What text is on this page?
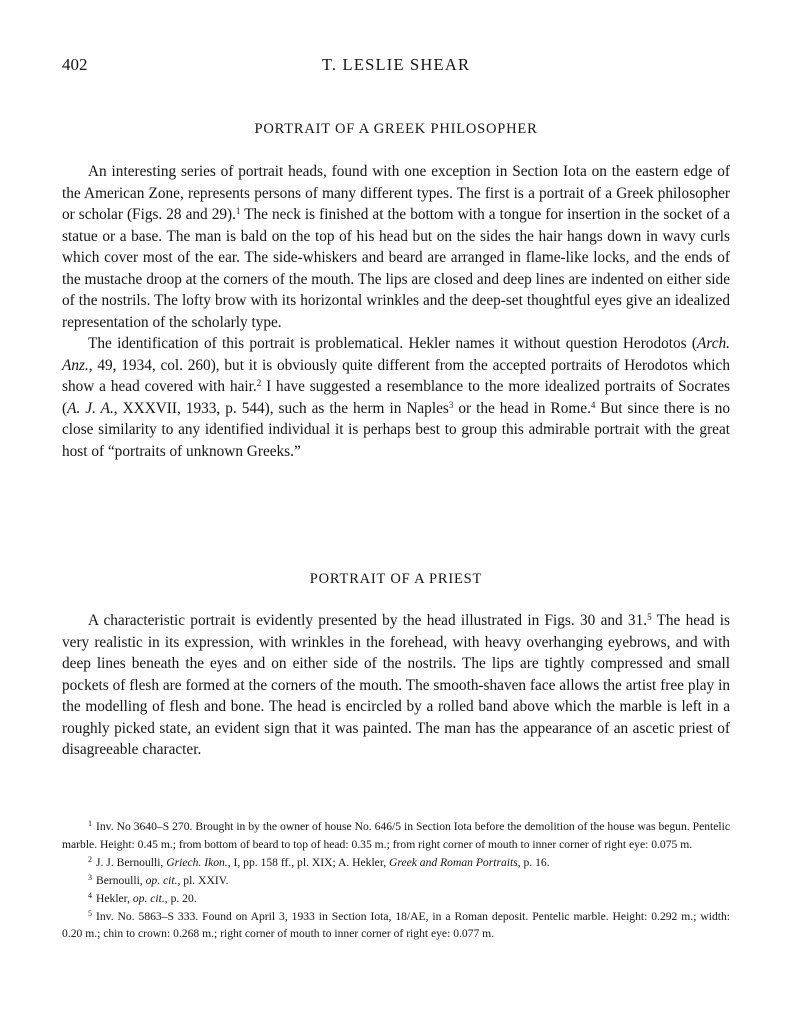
402	T. LESLIE SHEAR
PORTRAIT OF A GREEK PHILOSOPHER

An interesting series of portrait heads, found with one exception in Section Iota on the eastern edge of the American Zone, represents persons of many different types. The first is a portrait of a Greek philosopher or scholar (Figs. 28 and 29).$^1$ The neck is finished at the bottom with a tongue for insertion in the socket of a statue or a base. The man is bald on the top of his head but on the sides the hair hangs down in wavy curls which cover most of the ear. The side-whiskers and beard are arranged in flame-like locks, and the ends of the mustache droop at the corners of the mouth. The lips are closed and deep lines are indented on either side of the nostrils. The lofty brow with its horizontal wrinkles and the deep-set thoughtful eyes give an idealized representation of the scholarly type.

The identification of this portrait is problematical. Hekler names it without question Herodotos (Arch. Anz., 49, 1934, col. 260), but it is obviously quite different from the accepted portraits of Herodotos which show a head covered with hair.$^2$ I have suggested a resemblance to the more idealized portraits of Socrates (A. J. A., XXXVII, 1933, p. 544), such as the herm in Naples$^3$ or the head in Rome.$^4$ But since there is no close similarity to any identified individual it is perhaps best to group this admirable portrait with the great host of “portraits of unknown Greeks.”

PORTRAIT OF A PRIEST

A characteristic portrait is evidently presented by the head illustrated in Figs. 30 and 31.$^5$ The head is very realistic in its expression, with wrinkles in the forehead, with heavy overhanging eyebrows, and with deep lines beneath the eyes and on either side of the nostrils. The lips are tightly compressed and small pockets of flesh are formed at the corners of the mouth. The smooth-shaven face allows the artist free play in the modelling of flesh and bone. The head is encircled by a rolled band above which the marble is left in a roughly picked state, an evident sign that it was painted. The man has the appearance of an ascetic priest of disagreeable character.

$^1$ Inv. No 3640–S 270. Brought in by the owner of house No. 646/5 in Section Iota before the demolition of the house was begun. Pentelic marble. Height: 0.45 m.; from bottom of beard to top of head: 0.35 m.; from right corner of mouth to inner corner of right eye: 0.075 m.

$^2$ J. J. Bernoulli, Griech. Ikon., I, pp. 158 ff., pl. XIX; A. Hekler, Greek and Roman Portraits, p. 16.

$^3$ Bernoulli, op. cit., pl. XXIV.

$^4$ Hekler, op. cit., p. 20.

$^5$ Inv. No. 5863–S 333. Found on April 3, 1933 in Section Iota, 18/AE, in a Roman deposit. Pentelic marble. Height: 0.292 m.; width: 0.20 m.; chin to crown: 0.268 m.; right corner of mouth to inner corner of right eye: 0.077 m.
